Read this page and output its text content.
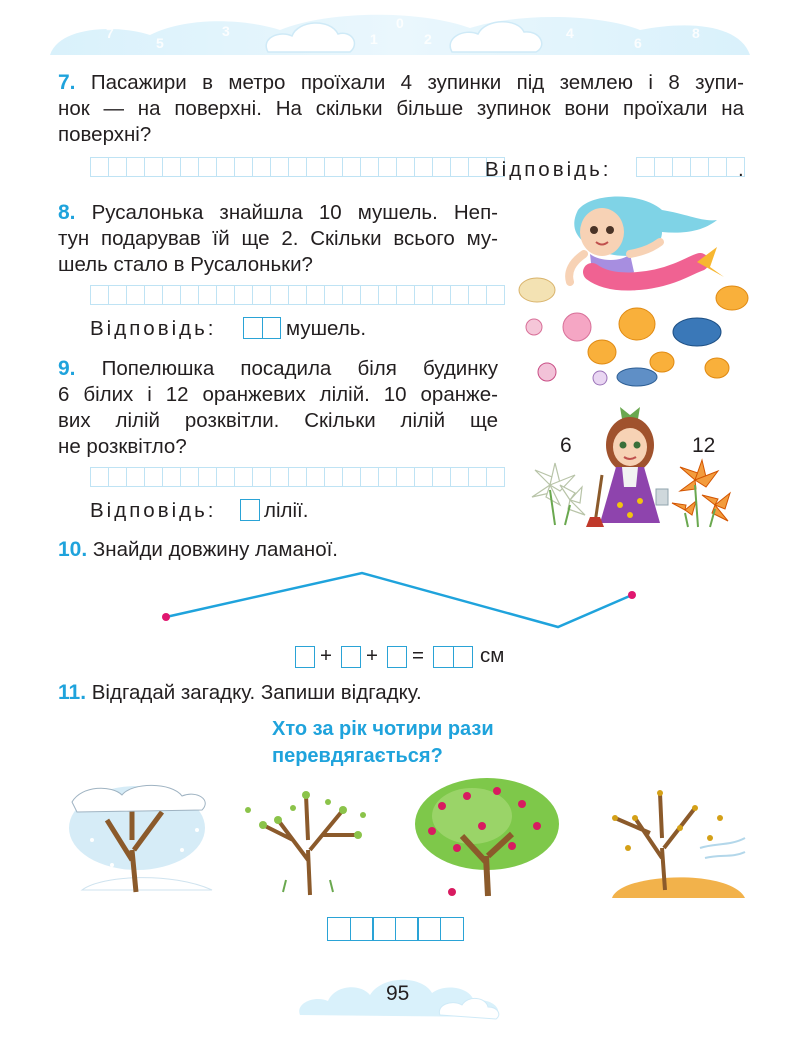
7
5
3	0
1	2	4
6
8
7. Пасажири в метро проїхали 4 зупинки під землею і 8 зупи-
нок — на поверхні. На скільки більше зупинок вони проїхали на
поверхні?
Відповідь:	.
8. Русалонька знайшла 10 мушель. Неп-
тун подарував їй ще 2. Скільки всього му-
шель стало в Русалоньки?
Відповідь:	мушель.
9. Попелюшка посадила біля будинку
6 білих і 12 оранжевих лілій. 10 оранже-
вих лілій розквітли. Скільки лілій ще
не розквітло?
Відповідь: лілії.
6	12
10. Знайди довжину ламаної.
+ + =	см
11. Відгадай загадку. Запиши відгадку.
Хто за рік чотири рази
перевдягається?
95
